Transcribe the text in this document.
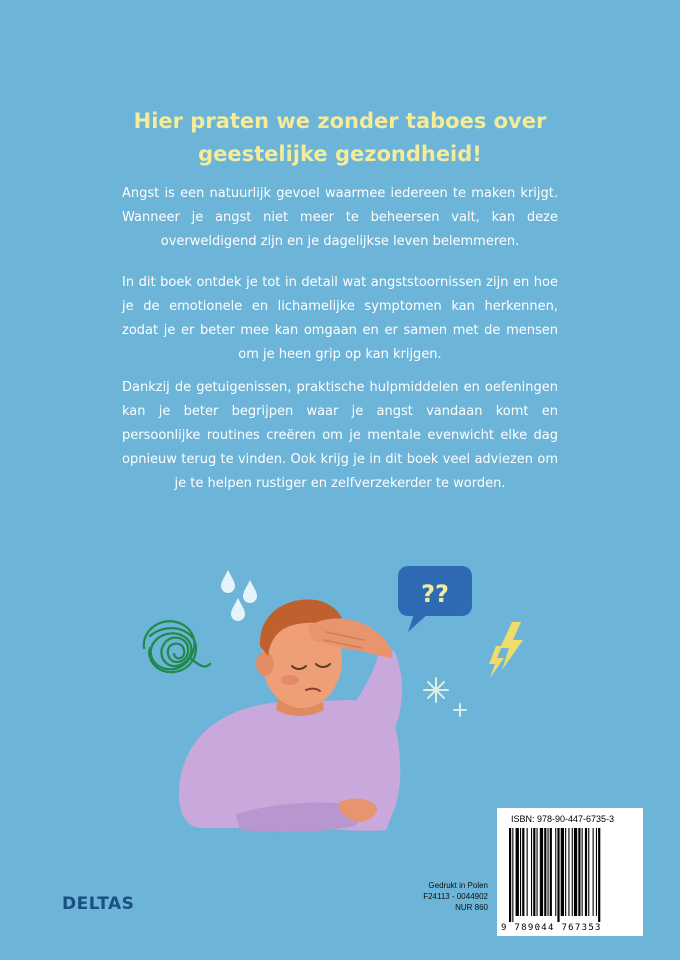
Hier praten we zonder taboes over
geestelijke gezondheid!
Angst is een natuurlijk gevoel waarmee iedereen te maken krijgt. Wanneer je angst niet meer te beheersen valt, kan deze overweldigend zijn en je dagelijkse leven belemmeren.
In dit boek ontdek je tot in detail wat angststoornissen zijn en hoe je de emotionele en lichamelijke symptomen kan herkennen, zodat je er beter mee kan omgaan en er samen met de mensen om je heen grip op kan krijgen.
Dankzij de getuigenissen, praktische hulpmiddelen en oefeningen kan je beter begrijpen waar je angst vandaan komt en persoonlijke routines creëren om je mentale evenwicht elke dag opnieuw terug te vinden. Ook krijg je in dit boek veel adviezen om je te helpen rustiger en zelfverzekerder te worden.
??
DELTAS
Gedrukt in Polen
F24113 - 0044902
NUR 860
ISBN: 978-90-447-6735-3
9 789044 767353
